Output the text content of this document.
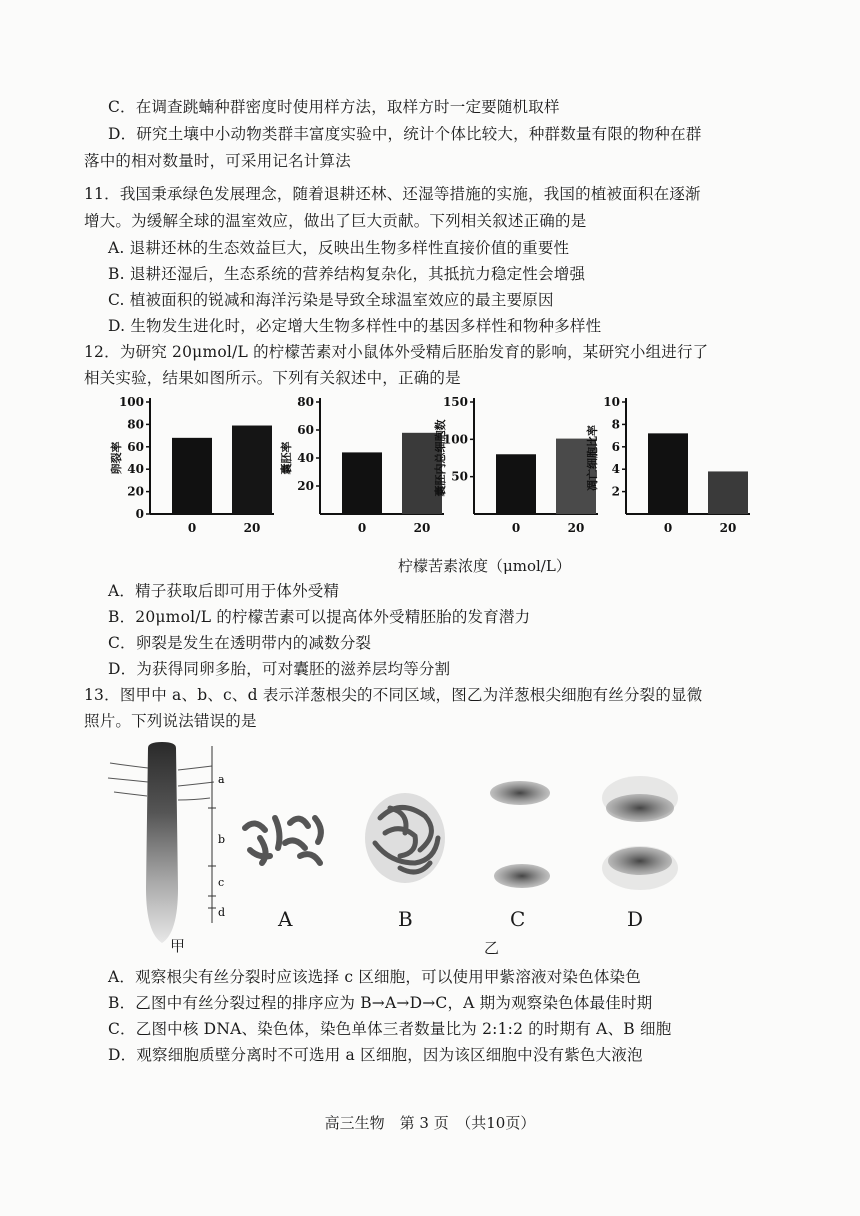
C．在调查跳蝻种群密度时使用样方法，取样方时一定要随机取样
D．研究土壤中小动物类群丰富度实验中，统计个体比较大，种群数量有限的物种在群
落中的相对数量时，可采用记名计算法
11．我国秉承绿色发展理念，随着退耕还林、还湿等措施的实施，我国的植被面积在逐渐
增大。为缓解全球的温室效应，做出了巨大贡献。下列相关叙述正确的是
A. 退耕还林的生态效益巨大，反映出生物多样性直接价值的重要性
B. 退耕还湿后，生态系统的营养结构复杂化，其抵抗力稳定性会增强
C. 植被面积的锐减和海洋污染是导致全球温室效应的最主要原因
D. 生物发生进化时，必定增大生物多样性中的基因多样性和物种多样性
12．为研究 20μmol/L 的柠檬苦素对小鼠体外受精后胚胎发育的影响，某研究小组进行了
相关实验，结果如图所示。下列有关叙述中，正确的是
0
20
40
60
80
100
卵裂率
0	20
20
40
60
80
囊胚率
0	20
50
100
150
囊胚内总细胞数
0	20
2
4
6
8
10
凋亡细胞比率
0	20
柠檬苦素浓度（μmol/L）
A．精子获取后即可用于体外受精
B．20μmol/L 的柠檬苦素可以提高体外受精胚胎的发育潜力
C．卵裂是发生在透明带内的减数分裂
D．为获得同卵多胎，可对囊胚的滋养层均等分割
13．图甲中 a、b、c、d 表示洋葱根尖的不同区域，图乙为洋葱根尖细胞有丝分裂的显微
照片。下列说法错误的是
a
b
c
d	A	B	C	D
甲	乙
A．观察根尖有丝分裂时应该选择 c 区细胞，可以使用甲紫溶液对染色体染色
B．乙图中有丝分裂过程的排序应为 B→A→D→C，A 期为观察染色体最佳时期
C．乙图中核 DNA、染色体，染色单体三者数量比为 2:1:2 的时期有 A、B 细胞
D．观察细胞质壁分离时不可选用 a 区细胞，因为该区细胞中没有紫色大液泡
高三生物　第 3 页　（共10页）
